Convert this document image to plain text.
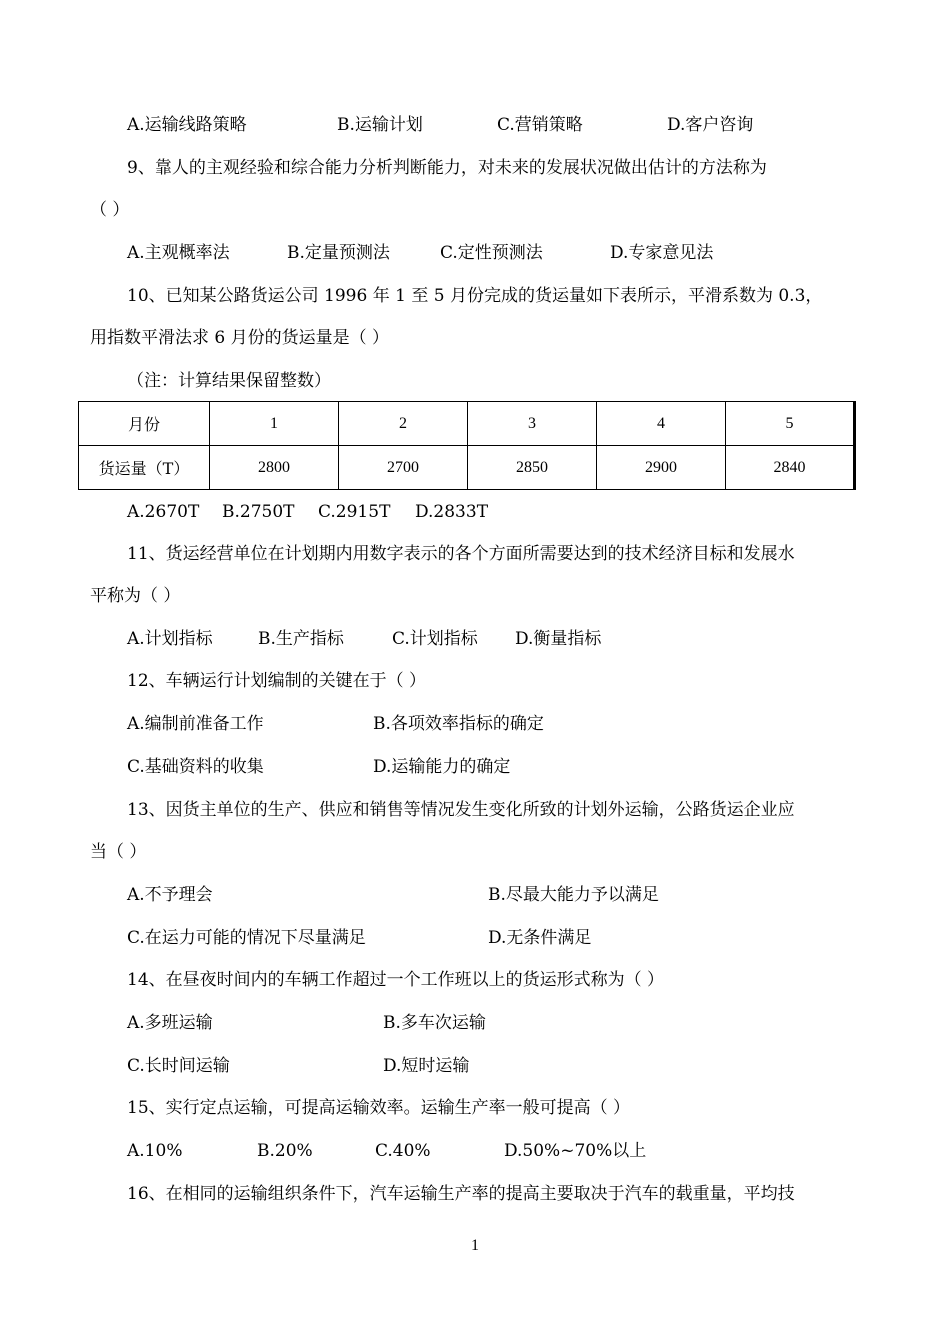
A.运输线路策略	B.运输计划	C.营销策略	D.客户咨询
9、靠人的主观经验和综合能力分析判断能力，对未来的发展状况做出估计的方法称为
（ ）
A.主观概率法	B.定量预测法	C.定性预测法	D.专家意见法
10、已知某公路货运公司 1996 年 1 至 5 月份完成的货运量如下表所示，平滑系数为 0.3，
用指数平滑法求 6 月份的货运量是（ ）
（注：计算结果保留整数）
月份	1	2	3	4	5
货运量（T）	2800	2700	2850	2900	2840
A.2670T B.2750T C.2915T D.2833T
11、货运经营单位在计划期内用数字表示的各个方面所需要达到的技术经济目标和发展水
平称为（ ）
A.计划指标	B.生产指标	C.计划指标 D.衡量指标
12、车辆运行计划编制的关键在于（ ）
A.编制前准备工作	B.各项效率指标的确定
C.基础资料的收集	D.运输能力的确定
13、因货主单位的生产、供应和销售等情况发生变化所致的计划外运输，公路货运企业应
当（ ）
A.不予理会	B.尽最大能力予以满足
C.在运力可能的情况下尽量满足	D.无条件满足
14、在昼夜时间内的车辆工作超过一个工作班以上的货运形式称为（ ）
A.多班运输	B.多车次运输
C.长时间运输	D.短时运输
15、实行定点运输，可提高运输效率。运输生产率一般可提高（ ）
A.10%	B.20%	C.40%	D.50%~70%以上
16、在相同的运输组织条件下，汽车运输生产率的提高主要取决于汽车的载重量，平均技
1
